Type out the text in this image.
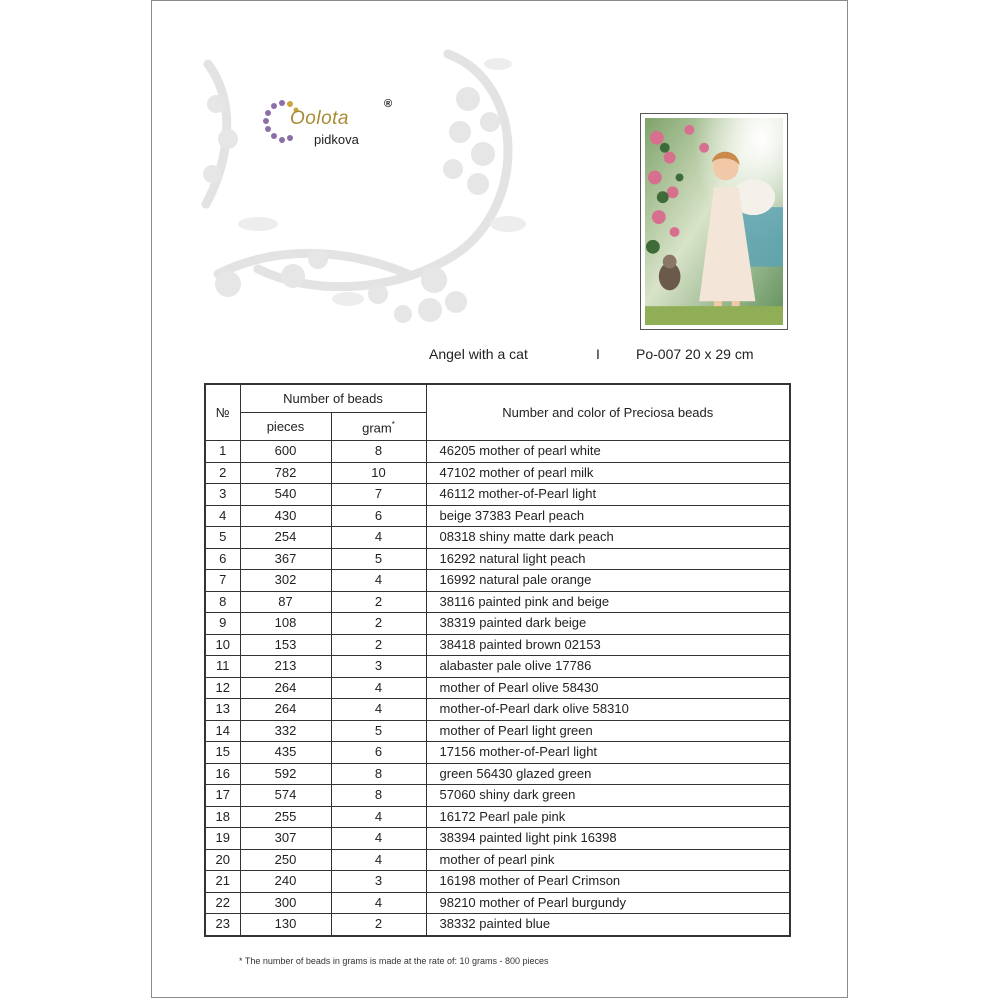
Oolota
pidkova
®
Angel with a cat	I	Po-007 20 x 29 cm
№	Number of beads		Number and color of Preciosa beads
	pieces	gram*
1	600	8	46205 mother of pearl white
2	782	10	47102 mother of pearl milk
3	540	7	46112 mother-of-Pearl light
4	430	6	beige 37383 Pearl peach
5	254	4	08318 shiny matte dark peach
6	367	5	16292 natural light peach
7	302	4	16992 natural pale orange
8	87	2	38116 painted pink and beige
9	108	2	38319 painted dark beige
10	153	2	38418 painted brown 02153
11	213	3	alabaster pale olive 17786
12	264	4	mother of Pearl olive 58430
13	264	4	mother-of-Pearl dark olive 58310
14	332	5	mother of Pearl light green
15	435	6	17156 mother-of-Pearl light
16	592	8	green 56430 glazed green
17	574	8	57060 shiny dark green
18	255	4	16172 Pearl pale pink
19	307	4	38394 painted light pink 16398
20	250	4	mother of pearl pink
21	240	3	16198 mother of Pearl Crimson
22	300	4	98210 mother of Pearl burgundy
23	130	2	38332 painted blue
* The number of beads in grams is made at the rate of: 10 grams - 800 pieces
